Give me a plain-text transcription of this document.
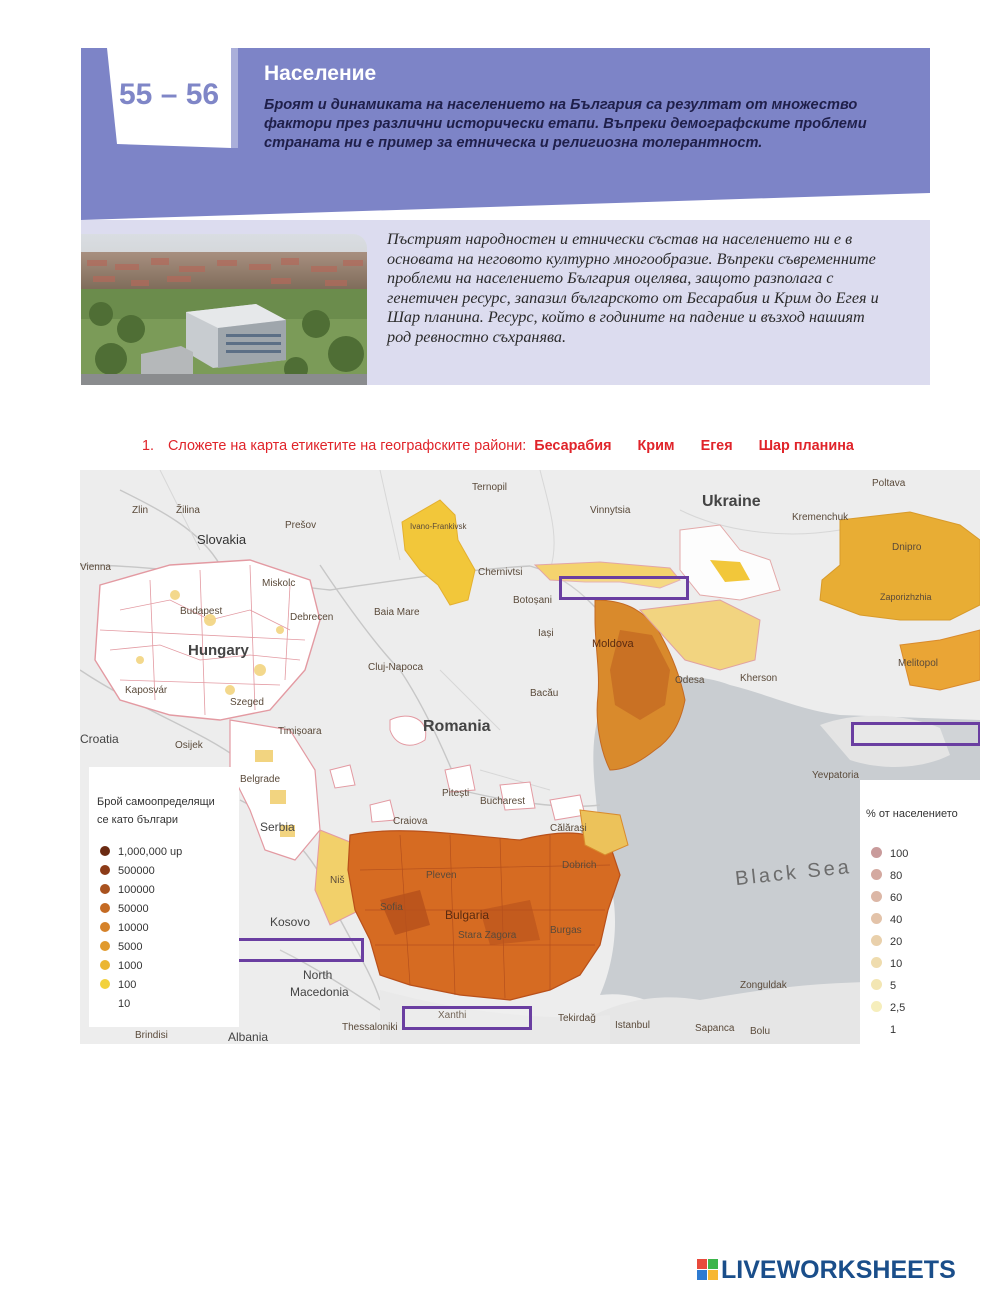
55 – 56
Население
Броят и динамиката на населението на България са резултат от множество фактори през различни исторически етапи. Въпреки демографските проблеми страната ни е пример за етническа и религиозна толерантност.
Пъстрият народностен и етнически състав на населението ни е в основата на неговото културно многообразие. Въпреки съвременните проблеми на населението България оцелява, защото разполага с генетичен ресурс, запазил българското от Бесарабия и Крим до Егея и Шар планина. Ресурс, който в годините на падение и възход нашият род ревностно съхранява.
1. Сложете на карта етикетите на географските райони: Бесарабия Крим Егея Шар планина
Ukraine
Slovakia
Hungary
Romania
Croatia
Serbia
Bulgaria
Moldova
Kosovo
North
Macedonia
Albania
Black Sea
Ternopil
Vinnytsia
Poltava
Kremenchuk
Zlin	Žilina
Prešov	Ivano-Frankivsk
Chernivtsi
Dnipro
Zaporizhzhia
Miskolc
Baia Mare
Botoșani
Iași
Budapest
Debrecen
Cluj-Napoca
Bacău
Melitopol
Kherson
Odesa
Kaposvár
Szeged
Timișoara
Osijek
Belgrade
Pitești
Bucharest
Craiova
Călărași
Yevpatoria
Pleven
Dobrich
Sofia
Stara Zagora	Burgas
Vienna
Zonguldak
Tekirdağ
Istanbul	Sapanca Bolu
Thessaloniki
Xanthi
Brindisi
Niš
Брой самоопределящи
се като българи
1,000,000 up
500000
100000
50000
10000
5000
1000
100
10
% от населението
100
80
60
40
20
10
5
2,5
1
LIVEWORKSHEETS
